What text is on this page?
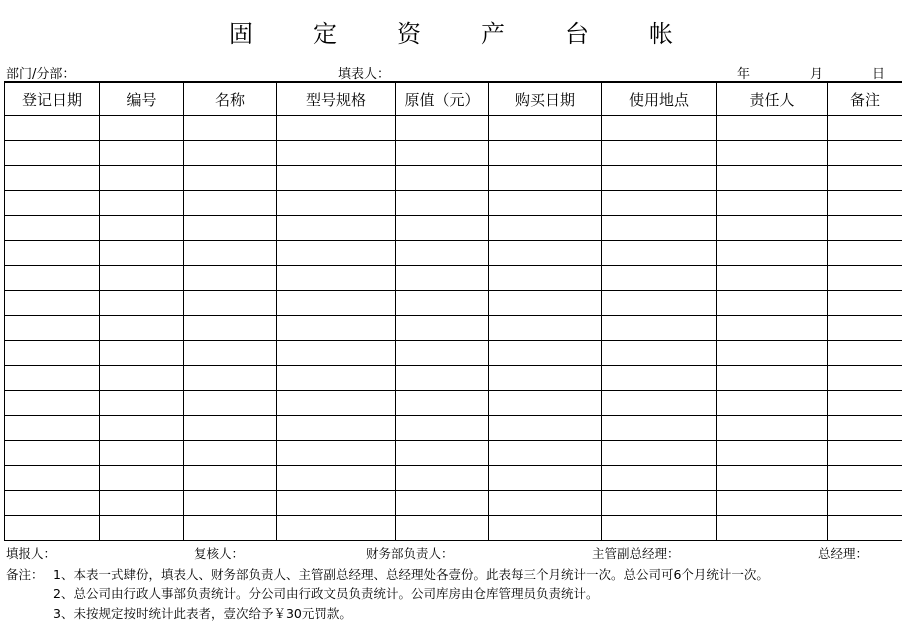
固定资产台帐
部门/分部：	填表人：	年	月	日
登记日期	编号	名称	型号规格	原值（元）	购买日期	使用地点	责任人	备注

填报人：	复核人：	财务部负责人：	主管副总经理：	总经理：
备注： 1、本表一式肆份，填表人、财务部负责人、主管副总经理、总经理处各壹份。此表每三个月统计一次。总公司可6个月统计一次。
2、总公司由行政人事部负责统计。分公司由行政文员负责统计。公司库房由仓库管理员负责统计。
3、未按规定按时统计此表者，壹次给予￥30元罚款。
